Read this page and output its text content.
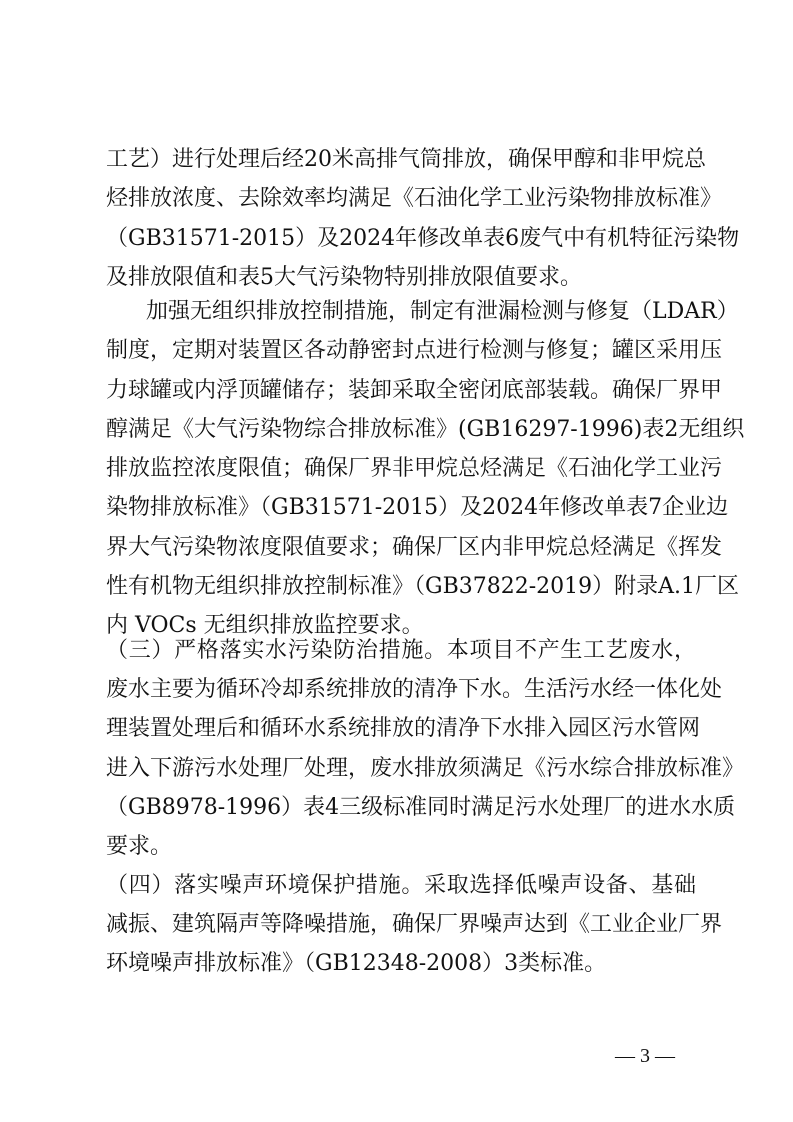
工艺）进行处理后经20米高排气筒排放，确保甲醇和非甲烷总
烃排放浓度、去除效率均满足《石油化学工业污染物排放标准》
（GB31571-2015）及2024年修改单表6废气中有机特征污染物
及排放限值和表5大气污染物特别排放限值要求。
加强无组织排放控制措施，制定有泄漏检测与修复（LDAR）
制度，定期对装置区各动静密封点进行检测与修复；罐区采用压
力球罐或内浮顶罐储存；装卸采取全密闭底部装载。确保厂界甲
醇满足《大气污染物综合排放标准》(GB16297-1996)表2无组织
排放监控浓度限值；确保厂界非甲烷总烃满足《石油化学工业污
染物排放标准》（GB31571-2015）及2024年修改单表7企业边
界大气污染物浓度限值要求；确保厂区内非甲烷总烃满足《挥发
性有机物无组织排放控制标准》（GB37822-2019）附录A.1厂区
内 VOCs 无组织排放监控要求。
（三）严格落实水污染防治措施。本项目不产生工艺废水，
废水主要为循环冷却系统排放的清净下水。生活污水经一体化处
理装置处理后和循环水系统排放的清净下水排入园区污水管网
进入下游污水处理厂处理，废水排放须满足《污水综合排放标准》
（GB8978-1996）表4三级标准同时满足污水处理厂的进水水质
要求。
（四）落实噪声环境保护措施。采取选择低噪声设备、基础
减振、建筑隔声等降噪措施，确保厂界噪声达到《工业企业厂界
环境噪声排放标准》（GB12348-2008）3类标准。
— 3 —
